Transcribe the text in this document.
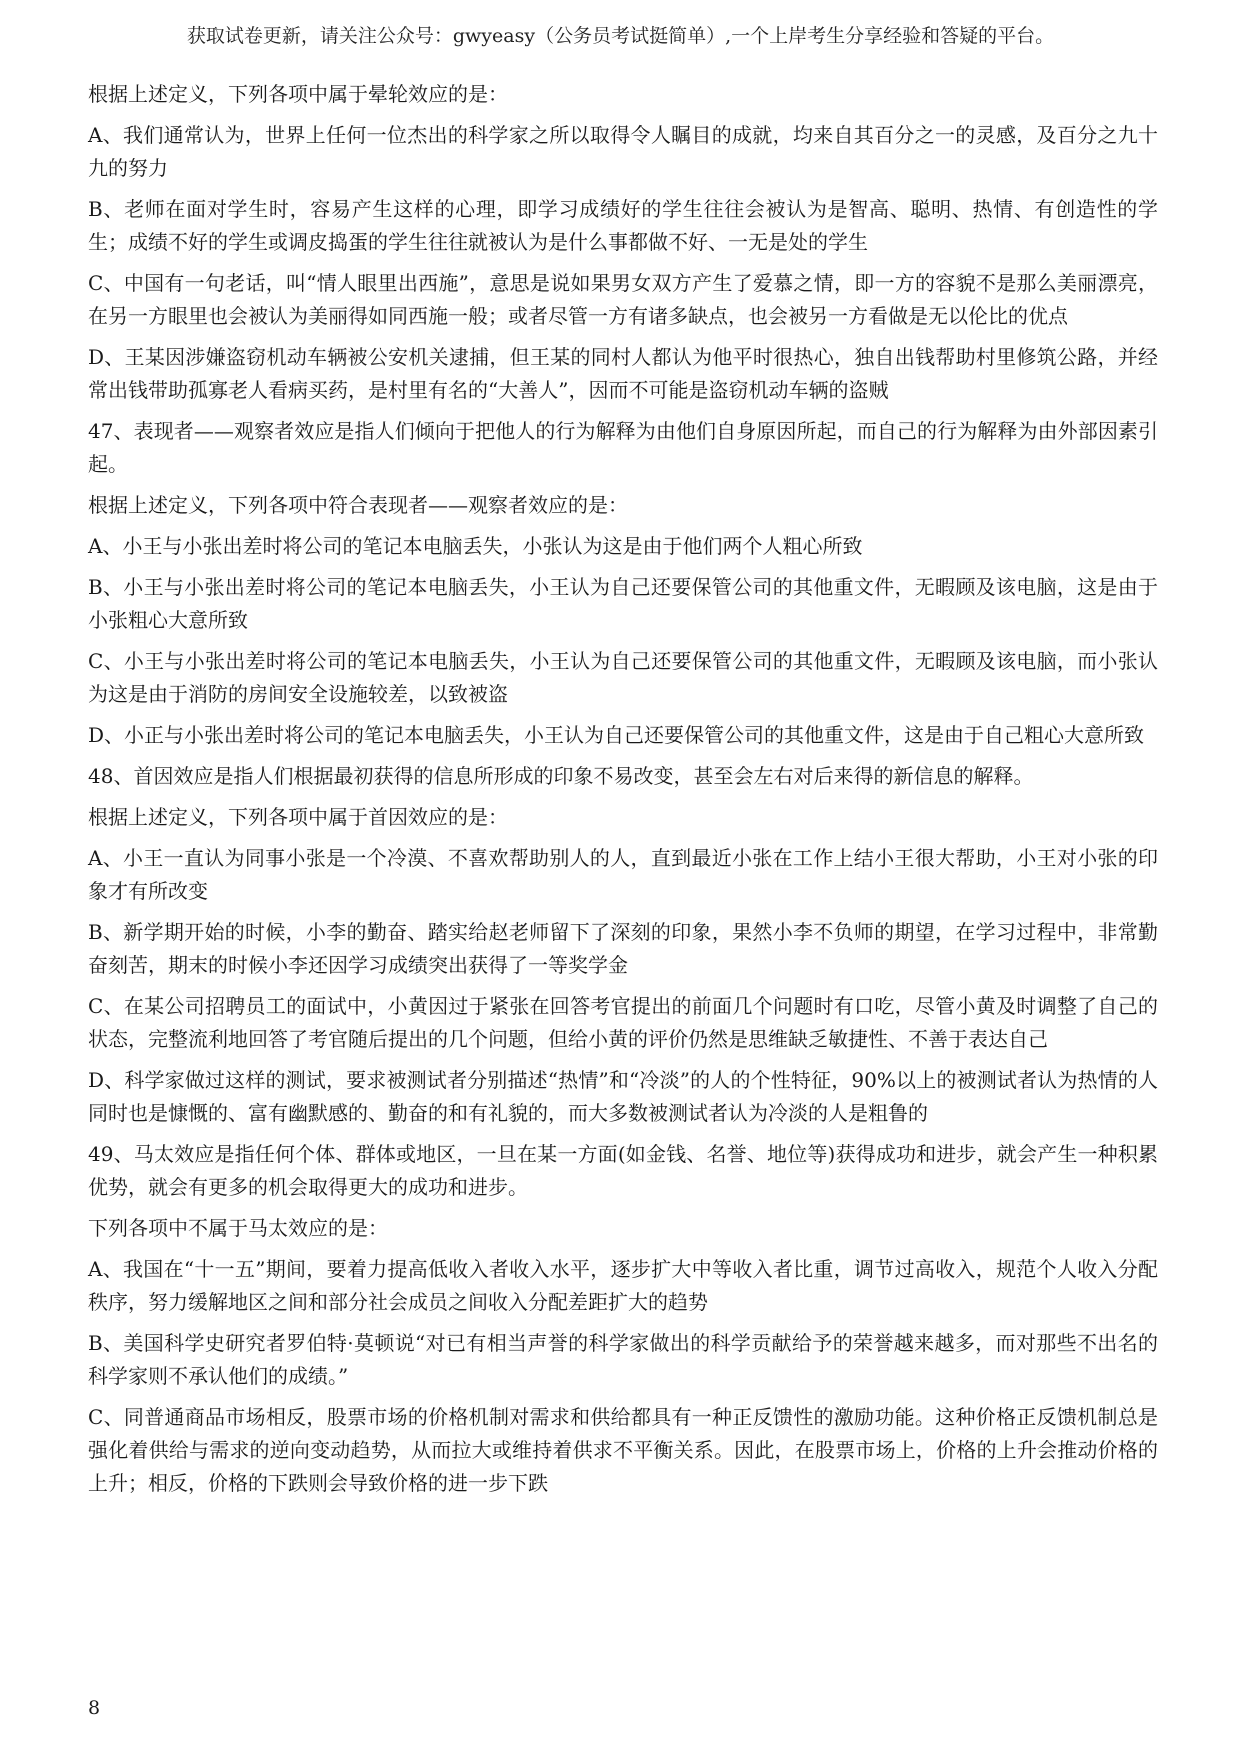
获取试卷更新，请关注公众号：gwyeasy（公务员考试挺简单）,一个上岸考生分享经验和答疑的平台。

根据上述定义，下列各项中属于晕轮效应的是：

A、我们通常认为，世界上任何一位杰出的科学家之所以取得令人瞩目的成就，均来自其百分之一的灵感，及百分之九十九的努力

B、老师在面对学生时，容易产生这样的心理，即学习成绩好的学生往往会被认为是智高、聪明、热情、有创造性的学生；成绩不好的学生或调皮捣蛋的学生往往就被认为是什么事都做不好、一无是处的学生

C、中国有一句老话，叫“情人眼里出西施”，意思是说如果男女双方产生了爱慕之情，即一方的容貌不是那么美丽漂亮，在另一方眼里也会被认为美丽得如同西施一般；或者尽管一方有诸多缺点，也会被另一方看做是无以伦比的优点

D、王某因涉嫌盗窃机动车辆被公安机关逮捕，但王某的同村人都认为他平时很热心，独自出钱帮助村里修筑公路，并经常出钱带助孤寡老人看病买药，是村里有名的“大善人”，因而不可能是盗窃机动车辆的盗贼

47、表现者——观察者效应是指人们倾向于把他人的行为解释为由他们自身原因所起，而自己的行为解释为由外部因素引起。

根据上述定义，下列各项中符合表现者——观察者效应的是：

A、小王与小张出差时将公司的笔记本电脑丢失，小张认为这是由于他们两个人粗心所致

B、小王与小张出差时将公司的笔记本电脑丢失，小王认为自己还要保管公司的其他重文件，无暇顾及该电脑，这是由于小张粗心大意所致

C、小王与小张出差时将公司的笔记本电脑丢失，小王认为自己还要保管公司的其他重文件，无暇顾及该电脑，而小张认为这是由于消防的房间安全设施较差，以致被盗

D、小正与小张出差时将公司的笔记本电脑丢失，小王认为自己还要保管公司的其他重文件，这是由于自己粗心大意所致

48、首因效应是指人们根据最初获得的信息所形成的印象不易改变，甚至会左右对后来得的新信息的解释。

根据上述定义，下列各项中属于首因效应的是：

A、小王一直认为同事小张是一个冷漠、不喜欢帮助别人的人，直到最近小张在工作上结小王很大帮助，小王对小张的印象才有所改变

B、新学期开始的时候，小李的勤奋、踏实给赵老师留下了深刻的印象，果然小李不负师的期望，在学习过程中，非常勤奋刻苦，期末的时候小李还因学习成绩突出获得了一等奖学金

C、在某公司招聘员工的面试中，小黄因过于紧张在回答考官提出的前面几个问题时有口吃，尽管小黄及时调整了自己的状态，完整流利地回答了考官随后提出的几个问题，但给小黄的评价仍然是思维缺乏敏捷性、不善于表达自己

D、科学家做过这样的测试，要求被测试者分别描述“热情”和“冷淡”的人的个性特征，90%以上的被测试者认为热情的人同时也是慷慨的、富有幽默感的、勤奋的和有礼貌的，而大多数被测试者认为冷淡的人是粗鲁的

49、马太效应是指任何个体、群体或地区，一旦在某一方面(如金钱、名誉、地位等)获得成功和进步，就会产生一种积累优势，就会有更多的机会取得更大的成功和进步。

下列各项中不属于马太效应的是：

A、我国在“十一五”期间，要着力提高低收入者收入水平，逐步扩大中等收入者比重，调节过高收入，规范个人收入分配秩序，努力缓解地区之间和部分社会成员之间收入分配差距扩大的趋势

B、美国科学史研究者罗伯特·莫顿说“对已有相当声誉的科学家做出的科学贡献给予的荣誉越来越多，而对那些不出名的科学家则不承认他们的成绩。”

C、同普通商品市场相反，股票市场的价格机制对需求和供给都具有一种正反馈性的激励功能。这种价格正反馈机制总是强化着供给与需求的逆向变动趋势，从而拉大或维持着供求不平衡关系。因此，在股票市场上，价格的上升会推动价格的上升；相反，价格的下跌则会导致价格的进一步下跌

8
